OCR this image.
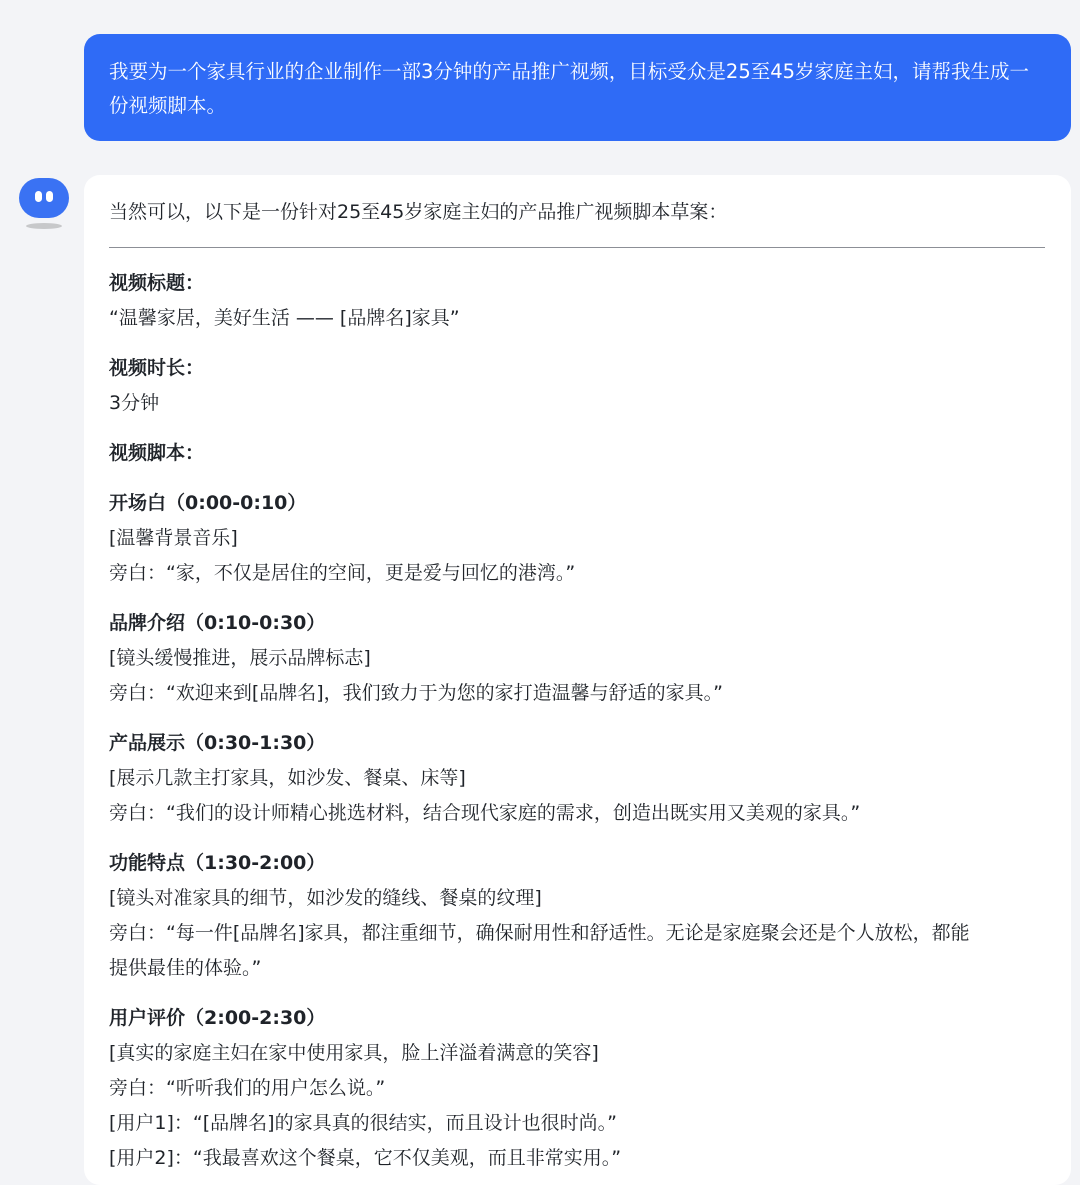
我要为一个家具行业的企业制作一部3分钟的产品推广视频，目标受众是25至45岁家庭主妇，请帮我生成一份视频脚本。

当然可以，以下是一份针对25至45岁家庭主妇的产品推广视频脚本草案：

视频标题：

“温馨家居，美好生活 —— [品牌名]家具”

视频时长：

3分钟

视频脚本：

开场白（0:00-0:10）

[温馨背景音乐]

旁白：“家，不仅是居住的空间，更是爱与回忆的港湾。”

品牌介绍（0:10-0:30）

[镜头缓慢推进，展示品牌标志]

旁白：“欢迎来到[品牌名]，我们致力于为您的家打造温馨与舒适的家具。”

产品展示（0:30-1:30）

[展示几款主打家具，如沙发、餐桌、床等]

旁白：“我们的设计师精心挑选材料，结合现代家庭的需求，创造出既实用又美观的家具。”

功能特点（1:30-2:00）

[镜头对准家具的细节，如沙发的缝线、餐桌的纹理]

旁白：“每一件[品牌名]家具，都注重细节，确保耐用性和舒适性。无论是家庭聚会还是个人放松，都能

提供最佳的体验。”

用户评价（2:00-2:30）

[真实的家庭主妇在家中使用家具，脸上洋溢着满意的笑容]

旁白：“听听我们的用户怎么说。”

[用户1]：“[品牌名]的家具真的很结实，而且设计也很时尚。”

[用户2]：“我最喜欢这个餐桌，它不仅美观，而且非常实用。”
